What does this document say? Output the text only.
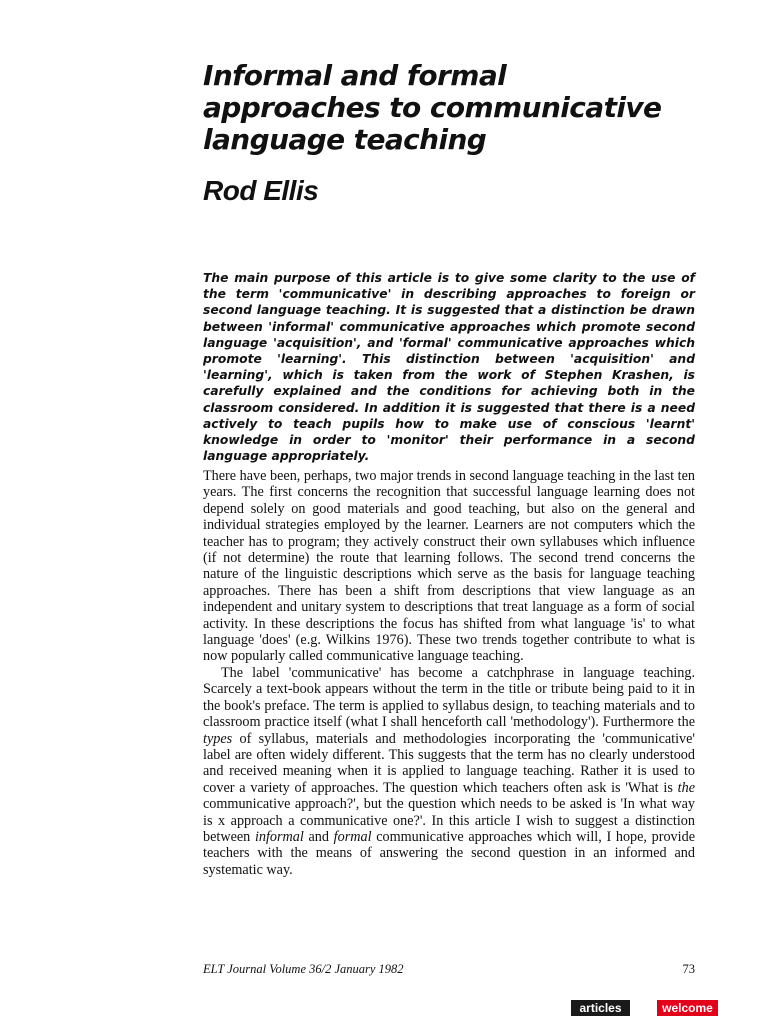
Informal and formal
approaches to communicative
language teaching
Rod Ellis

The main purpose of this article is to give some clarity to the use of the term 'communicative' in describing approaches to foreign or second language teaching. It is suggested that a distinction be drawn between 'informal' communicative approaches which promote second language 'acquisition', and 'formal' communicative approaches which promote 'learning'. This distinction between 'acquisition' and 'learning', which is taken from the work of Stephen Krashen, is carefully explained and the conditions for achieving both in the classroom considered. In addition it is suggested that there is a need actively to teach pupils how to make use of conscious 'learnt' knowledge in order to 'monitor' their performance in a second language appropriately.

There have been, perhaps, two major trends in second language teaching in the last ten years. The first concerns the recognition that successful language learning does not depend solely on good materials and good teaching, but also on the general and individual strategies employed by the learner. Learners are not computers which the teacher has to program; they actively construct their own syllabuses which influence (if not determine) the route that learning follows. The second trend concerns the nature of the linguistic descriptions which serve as the basis for language teaching approaches. There has been a shift from descriptions that view language as an independent and unitary system to descriptions that treat language as a form of social activity. In these descriptions the focus has shifted from what language 'is' to what language 'does' (e.g. Wilkins 1976). These two trends together contribute to what is now popularly called communicative language teaching.

The label 'communicative' has become a catchphrase in language teaching. Scarcely a text-book appears without the term in the title or tribute being paid to it in the book's preface. The term is applied to syllabus design, to teaching materials and to classroom practice itself (what I shall henceforth call 'methodology'). Furthermore the types of syllabus, materials and methodologies incorporating the 'communicative' label are often widely different. This suggests that the term has no clearly understood and received meaning when it is applied to language teaching. Rather it is used to cover a variety of approaches. The question which teachers often ask is 'What is the communicative approach?', but the question which needs to be asked is 'In what way is x approach a communicative one?'. In this article I wish to suggest a distinction between informal and formal communicative approaches which will, I hope, provide teachers with the means of answering the second question in an informed and systematic way.

ELT Journal Volume 36/2 January 1982	73
articles	welcome
